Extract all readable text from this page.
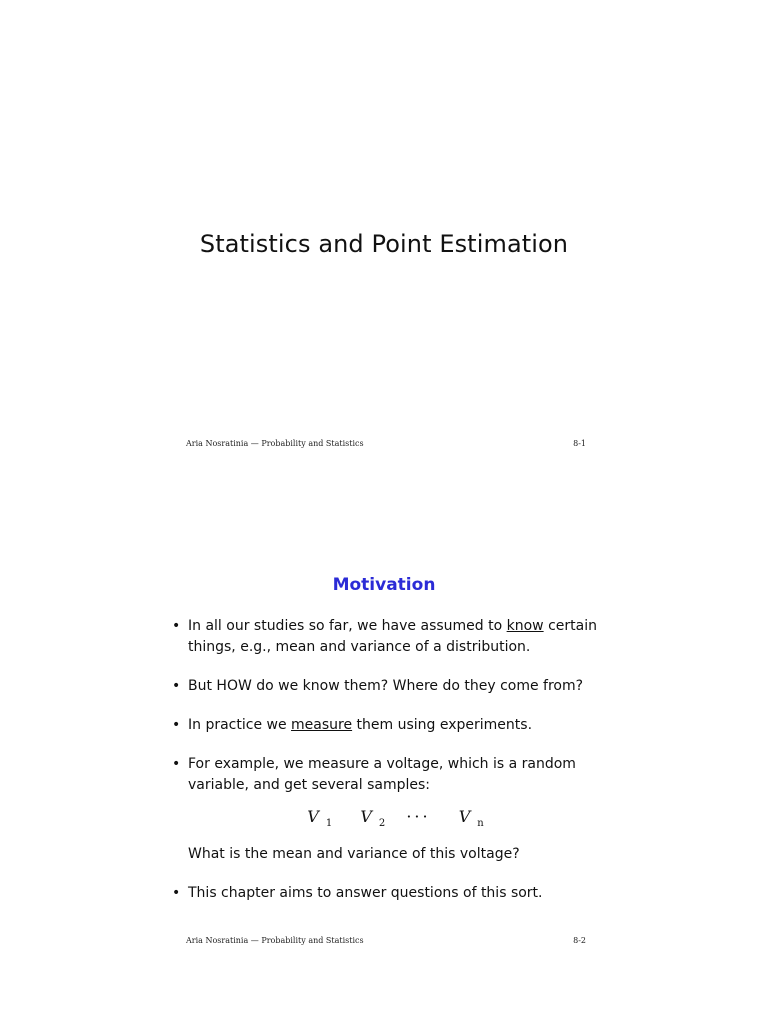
Statistics and Point Estimation
Aria Nosratinia — Probability and Statistics	8-1
Motivation
• In all our studies so far, we have assumed to know certain things, e.g., mean and variance of a distribution.
• But HOW do we know them? Where do they come from?
• In practice we measure them using experiments.
• For example, we measure a voltage, which is a random variable, and get several samples:
V $_1$ V $_2$ ··· V $_n$
What is the mean and variance of this voltage?
• This chapter aims to answer questions of this sort.
Aria Nosratinia — Probability and Statistics	8-2
